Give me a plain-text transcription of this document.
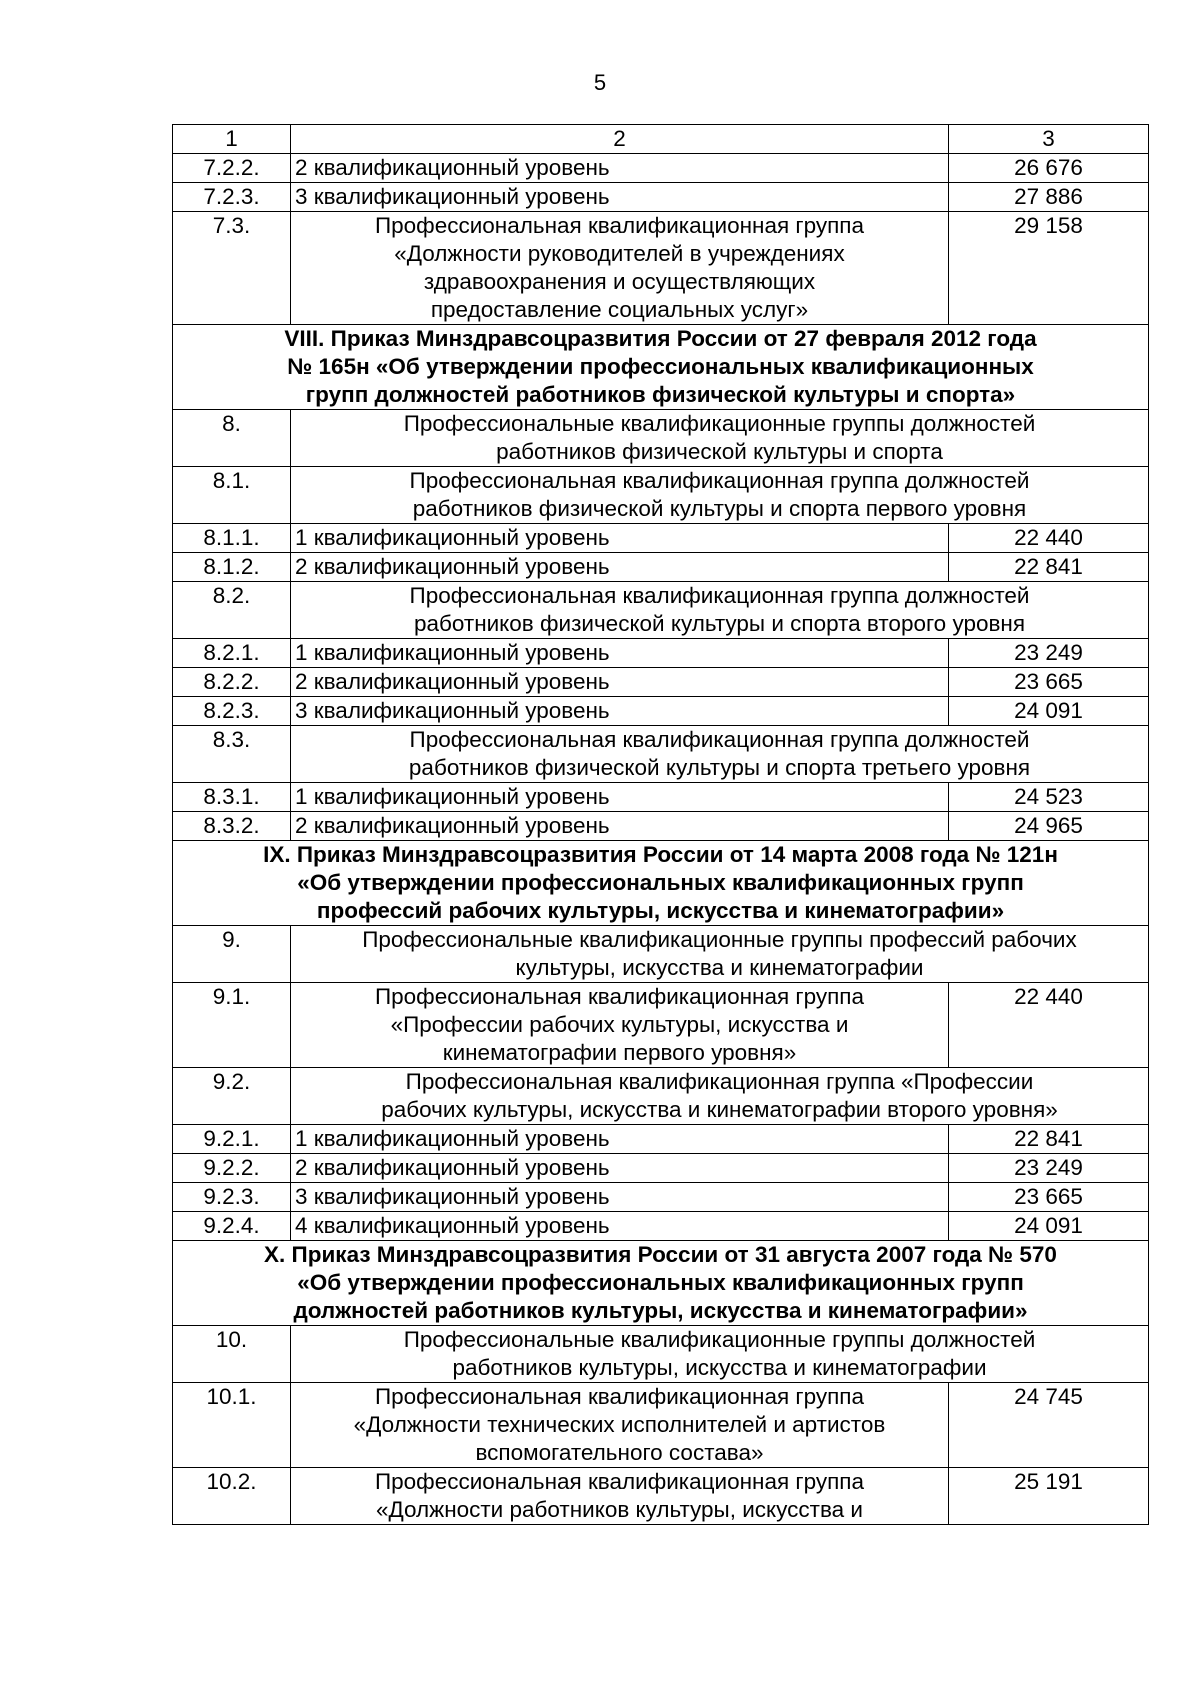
5
1	2	3
7.2.2.	2 квалификационный уровень	26 676
7.2.3.	3 квалификационный уровень	27 886
7.3.	Профессиональная квалификационная группа
«Должности руководителей в учреждениях
здравоохранения и осуществляющих
предоставление социальных услуг»	29 158

VIII. Приказ Минздравсоцразвития России от 27 февраля 2012 года
№ 165н «Об утверждении профессиональных квалификационных
групп должностей работников физической культуры и спорта»		

8.	Профессиональные квалификационные группы должностей
работников физической культуры и спорта	

8.1.	Профессиональная квалификационная группа должностей
работников физической культуры и спорта первого уровня	

8.1.1.	1 квалификационный уровень	22 440
8.1.2.	2 квалификационный уровень	22 841
8.2.	Профессиональная квалификационная группа должностей
работников физической культуры и спорта второго уровня	

8.2.1.	1 квалификационный уровень	23 249
8.2.2.	2 квалификационный уровень	23 665
8.2.3.	3 квалификационный уровень	24 091
8.3.	Профессиональная квалификационная группа должностей
работников физической культуры и спорта третьего уровня	

8.3.1.	1 квалификационный уровень	24 523
8.3.2.	2 квалификационный уровень	24 965

IX. Приказ Минздравсоцразвития России от 14 марта 2008 года № 121н
«Об утверждении профессиональных квалификационных групп
профессий рабочих культуры, искусства и кинематографии»		

9.	Профессиональные квалификационные группы профессий рабочих
культуры, искусства и кинематографии	

9.1.	Профессиональная квалификационная группа
«Профессии рабочих культуры, искусства и
кинематографии первого уровня»	22 440
9.2.	Профессиональная квалификационная группа «Профессии
рабочих культуры, искусства и кинематографии второго уровня»	

9.2.1.	1 квалификационный уровень	22 841
9.2.2.	2 квалификационный уровень	23 249
9.2.3.	3 квалификационный уровень	23 665
9.2.4.	4 квалификационный уровень	24 091

X. Приказ Минздравсоцразвития России от 31 августа 2007 года № 570
«Об утверждении профессиональных квалификационных групп
должностей работников культуры, искусства и кинематографии»		

10.	Профессиональные квалификационные группы должностей
работников культуры, искусства и кинематографии	

10.1.	Профессиональная квалификационная группа
«Должности технических исполнителей и артистов
вспомогательного состава»	24 745
10.2.	Профессиональная квалификационная группа
«Должности работников культуры, искусства и	25 191
